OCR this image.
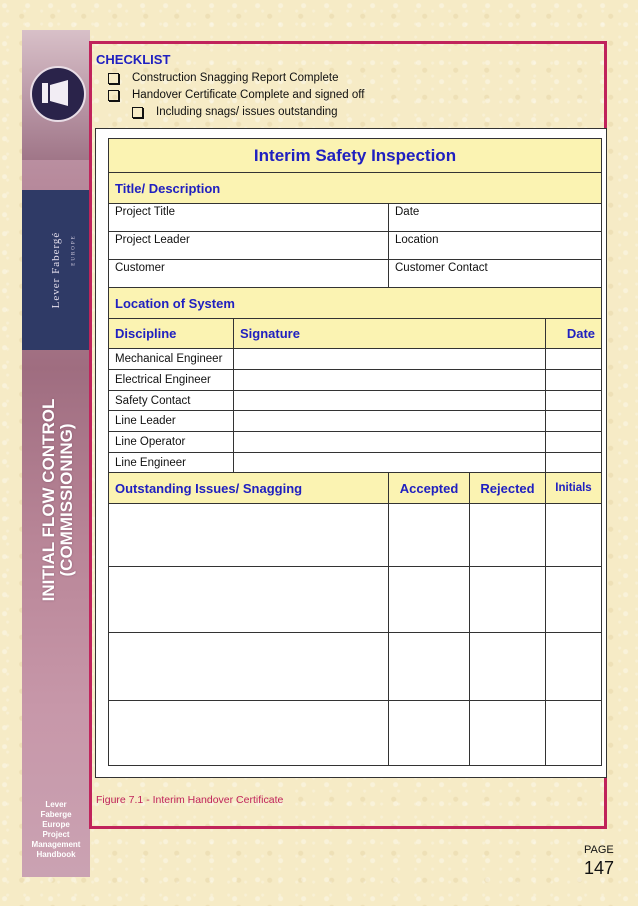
Lever Fabergé EUROPE
INITIAL FLOW CONTROL (COMMISSIONING)
Lever
Faberge
Europe
Project
Management
Handbook
CHECKLIST
Construction Snagging Report Complete
Handover Certificate Complete and signed off
Including snags/ issues outstanding
Interim Safety Inspection				
Title/ Description				
Project Title		Date		
Project Leader		Location		
Customer		Customer Contact		
Location of System				
Discipline	Signature			Date
Mechanical Engineer				
Electrical Engineer				
Safety Contact				
Line Leader				
Line Operator				
Line Engineer				
Outstanding Issues/ Snagging		Accepted	Rejected	Initials

Figure 7.1 - Interim Handover Certificate
PAGE
147
